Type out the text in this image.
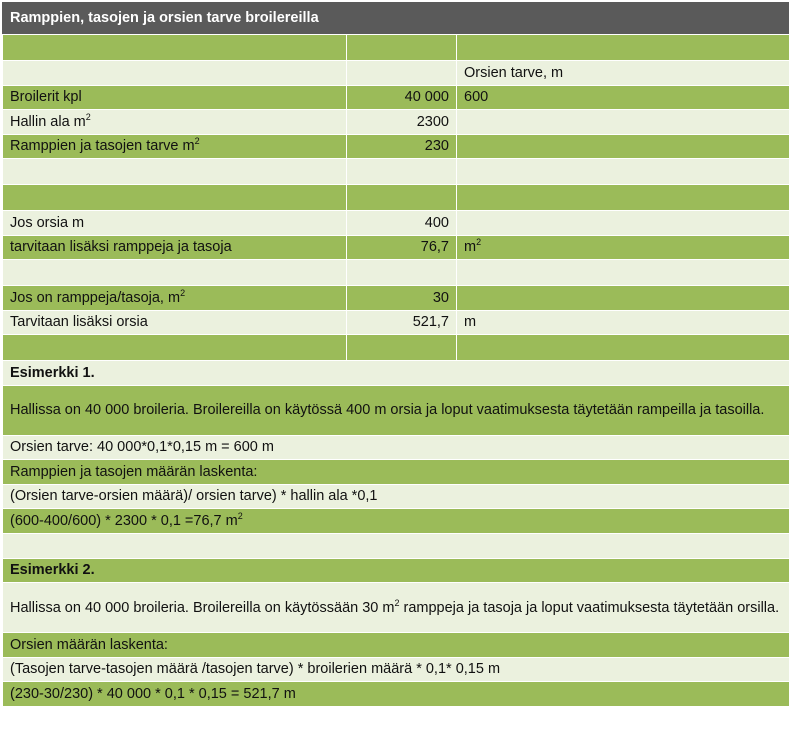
Ramppien, tasojen ja orsien tarve broilereilla

		Orsien tarve, m
Broilerit kpl	40 000	600
Hallin ala $m^2$	2300	
Ramppien ja tasojen tarve $m^2$	230	

Jos orsia m	400	
tarvitaan lisäksi ramppeja ja tasoja	76,7	$m^2$

Jos on ramppeja/tasoja, $m^2$	30	
Tarvitaan lisäksi orsia	521,7	m

Esimerkki 1.		
Hallissa on 40 000 broileria. Broilereilla on käytössä 400 m orsia ja loput vaatimuksesta täytetään rampeilla ja tasoilla.		
Orsien tarve: 40 000*0,1*0,15 m = 600 m		
Ramppien ja tasojen määrän laskenta:		
(Orsien tarve-orsien määrä)/ orsien tarve) * hallin ala *0,1		
(600-400/600) * 2300 * 0,1 =76,7 $m^2$

Esimerkki 2.		
Hallissa on 40 000 broileria. Broilereilla on käytössään 30 $m^2$ ramppeja ja tasoja ja loput vaatimuksesta täytetään orsilla.		
Orsien määrän laskenta:		
(Tasojen tarve-tasojen määrä /tasojen tarve) * broilerien määrä * 0,1* 0,15 m		
(230-30/230) * 40 000 * 0,1 * 0,15 = 521,7 m		
